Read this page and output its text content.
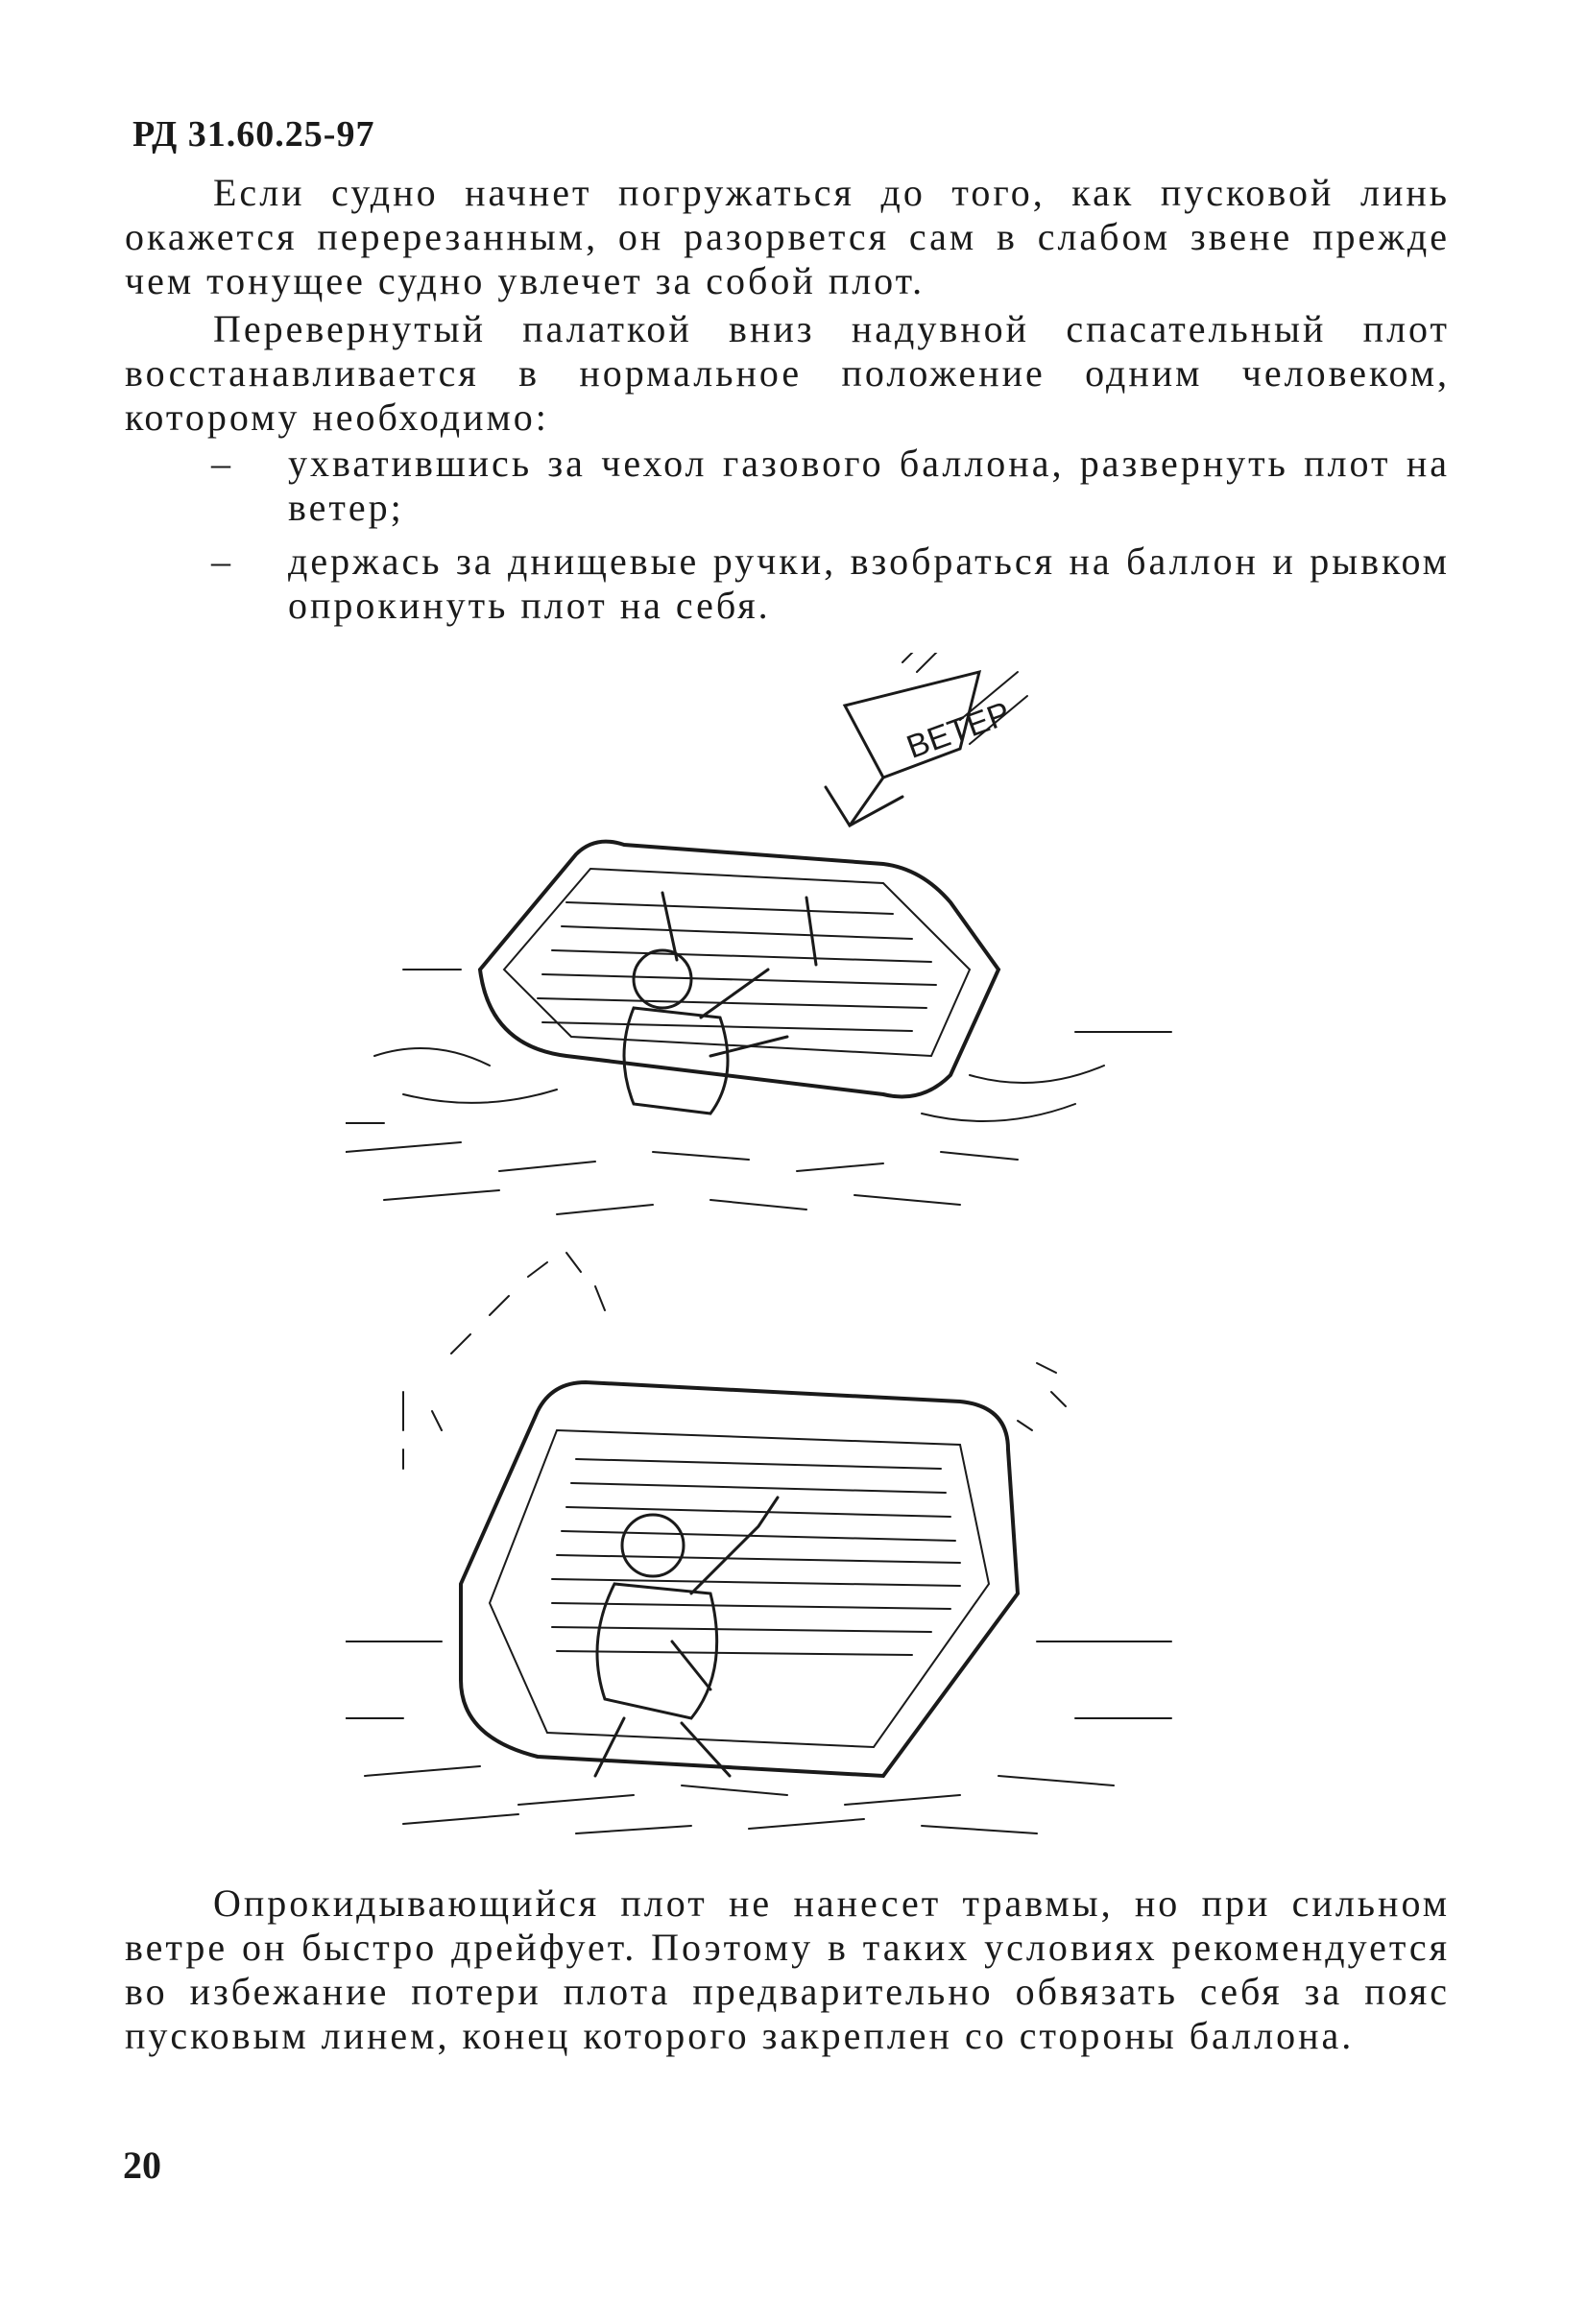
РД 31.60.25-97

Если судно начнет погружаться до того, как пусковой линь окажется перерезанным, он разорвется сам в слабом звене прежде чем тонущее судно увлечет за собой плот.

Перевернутый палаткой вниз надувной спасательный плот восстанавливается в нормальное положение одним человеком, которому необходимо:

– ухватившись за чехол газового баллона, развернуть плот на ветер;
– держась за днищевые ручки, взобраться на баллон и рывком опрокинуть плот на себя.
ВЕТЕР

Опрокидывающийся плот не нанесет травмы, но при сильном ветре он быстро дрейфует. Поэтому в таких условиях рекомендуется во избежание потери плота предварительно обвязать себя за пояс пусковым линем, конец которого закреплен со стороны баллона.

20
